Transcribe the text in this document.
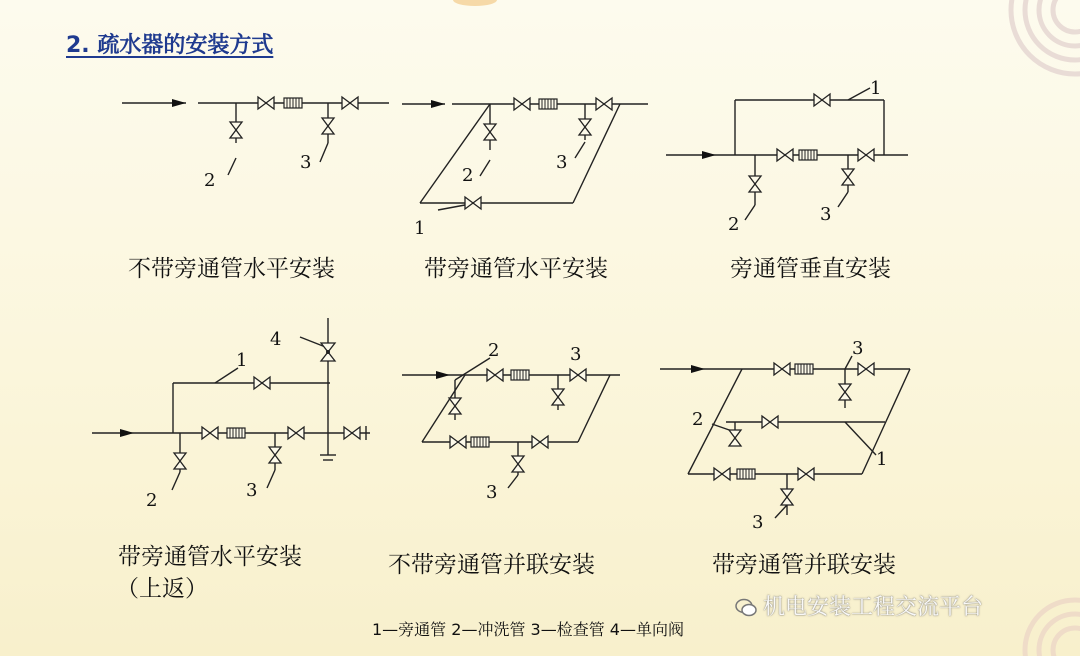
2. 疏水器的安装方式
2
3
2
3
1
1
2	3
4
1
2	3
2	3
3
3
2
1
3
不带旁通管水平安装	带旁通管水平安装	旁通管垂直安装
带旁通管水平安装
（上返）
不带旁通管并联安装	带旁通管并联安装
1—旁通管 2—冲洗管 3—检查管 4—单向阀
机电安装工程交流平台
